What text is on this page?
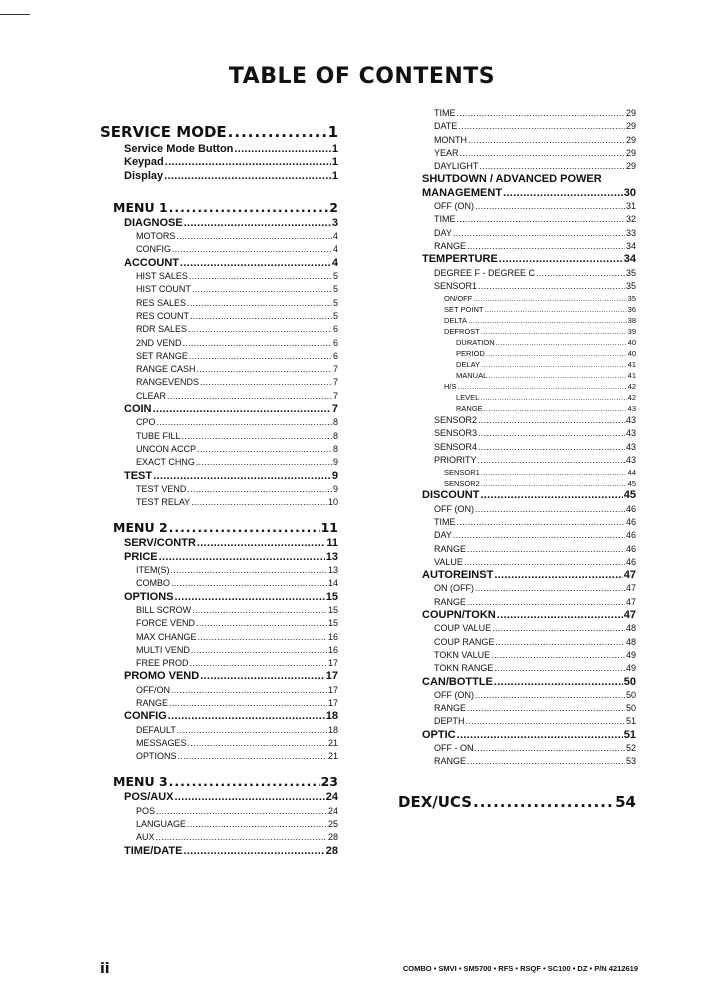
TABLE OF CONTENTS
SERVICE MODE .....	1
Service Mode Button .....	1
Keypad .....	1
Display .....	1
MENU 1 .....	2
DIAGNOSE .....	3
MOTORS .....	4
CONFIG .....	4
ACCOUNT .....	4
HIST SALES .....	5
HIST COUNT .....	5
RES SALES .....	5
RES COUNT .....	5
RDR SALES .....	6
2ND VEND .....	6
SET RANGE .....	6
RANGE CASH .....	7
RANGEVENDS .....	7
CLEAR .....	7
COIN .....	7
CPO .....	8
TUBE FILL .....	8
UNCON ACCP .....	8
EXACT CHNG .....	9
TEST .....	9
TEST VEND .....	9
TEST RELAY .....	10
MENU 2 .....	11
SERV/CONTR .....	11
PRICE .....	13
ITEM(S) .....	13
COMBO .....	14
OPTIONS .....	15
BILL SCROW .....	15
FORCE VEND .....	15
MAX CHANGE .....	16
MULTI VEND .....	16
FREE PROD .....	17
PROMO VEND .....	17
OFF/ON .....	17
RANGE .....	17
CONFIG .....	18
DEFAULT .....	18
MESSAGES .....	21
OPTIONS .....	21
MENU 3 .....	23
POS/AUX .....	24
POS .....	24
LANGUAGE .....	25
AUX .....	28
TIME/DATE .....	28
TIME .....	29
DATE .....	29
MONTH .....	29
YEAR .....	29
DAYLIGHT .....	29
SHUTDOWN / ADVANCED POWER
MANAGEMENT .....	30
OFF (ON) .....	31
TIME .....	32
DAY .....	33
RANGE .....	34
TEMPERTURE .....	34
DEGREE F - DEGREE C .....	35
SENSOR1 .....	35
ON/OFF .....	35
SET POINT .....	36
DELTA .....	38
DEFROST .....	39
DURATION .....	40
PERIOD .....	40
DELAY .....	41
MANUAL .....	41
H/S .....	42
LEVEL .....	42
RANGE .....	43
SENSOR2 .....	43
SENSOR3 .....	43
SENSOR4 .....	43
PRIORITY .....	43
SENSOR1 .....	44
SENSOR2 .....	45
DISCOUNT .....	45
OFF (ON) .....	46
TIME .....	46
DAY .....	46
RANGE .....	46
VALUE .....	46
AUTOREINST .....	47
ON (OFF) .....	47
RANGE .....	47
COUPN/TOKN .....	47
COUP VALUE .....	48
COUP RANGE .....	48
TOKN VALUE .....	49
TOKN RANGE .....	49
CAN/BOTTLE .....	50
OFF (ON) .....	50
RANGE .....	50
DEPTH .....	51
OPTIC .....	51
OFF - ON .....	52
RANGE .....	53
DEX/UCS .....	54
ii	COMBO • SMVI • SM5700 • RFS • RSQF • SC100 • DZ • P/N 4212619
